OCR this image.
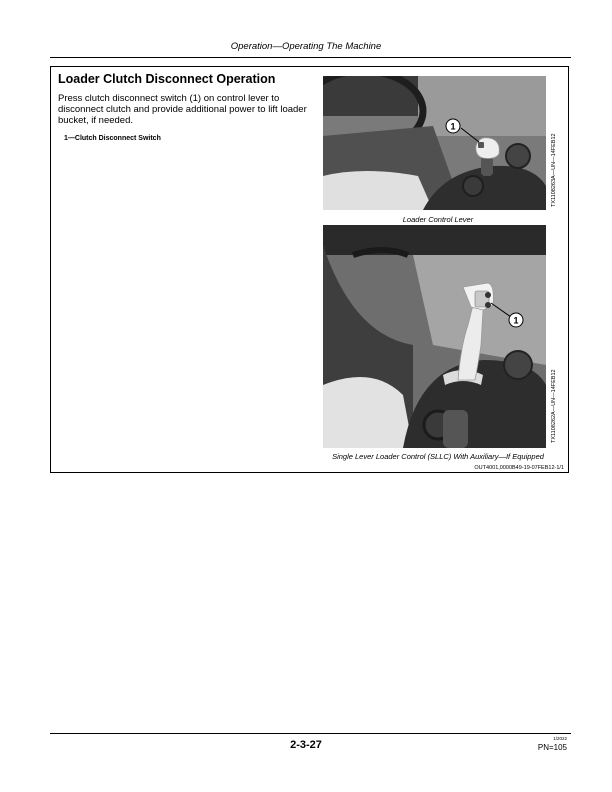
Operation—Operating The Machine
Loader Clutch Disconnect Operation
Press clutch disconnect switch (1) on control lever to disconnect clutch and provide additional power to lift loader bucket, if needed.
1—Clutch Disconnect Switch
1
TX1108263A—UN—14FEB12
Loader Control Lever
1
TX1108262A—UN—14FEB12
Single Lever Loader Control (SLLC) With Auxiliary—If Equipped
OUT4001,0000B49-19-07FEB12-1/1
2-3-27
1/2022
PN=105
